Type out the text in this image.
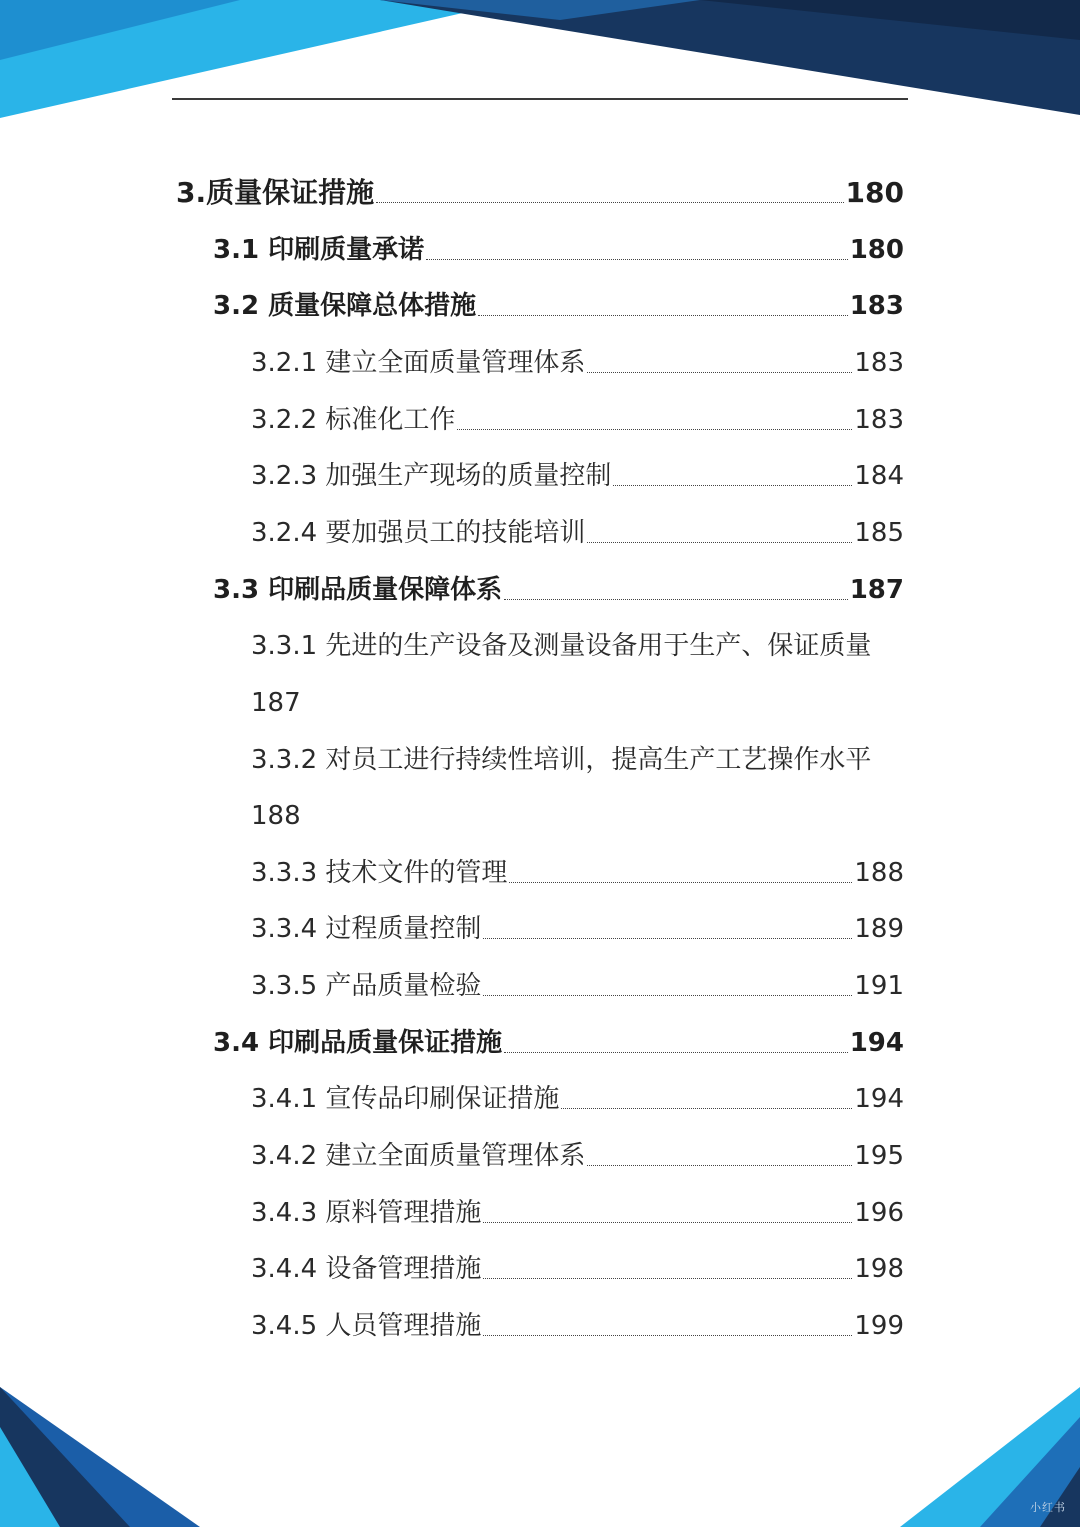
3.质量保证措施	180
3.1 印刷质量承诺	180
3.2 质量保障总体措施	183
3.2.1 建立全面质量管理体系	183
3.2.2 标准化工作	183
3.2.3 加强生产现场的质量控制	184
3.2.4 要加强员工的技能培训	185
3.3 印刷品质量保障体系	187
3.3.1 先进的生产设备及测量设备用于生产、保证质量
187
3.3.2 对员工进行持续性培训，提高生产工艺操作水平
188
3.3.3 技术文件的管理	188
3.3.4 过程质量控制	189
3.3.5 产品质量检验	191
3.4 印刷品质量保证措施	194
3.4.1 宣传品印刷保证措施	194
3.4.2 建立全面质量管理体系	195
3.4.3 原料管理措施	196
3.4.4 设备管理措施	198
3.4.5 人员管理措施	199
小红书
